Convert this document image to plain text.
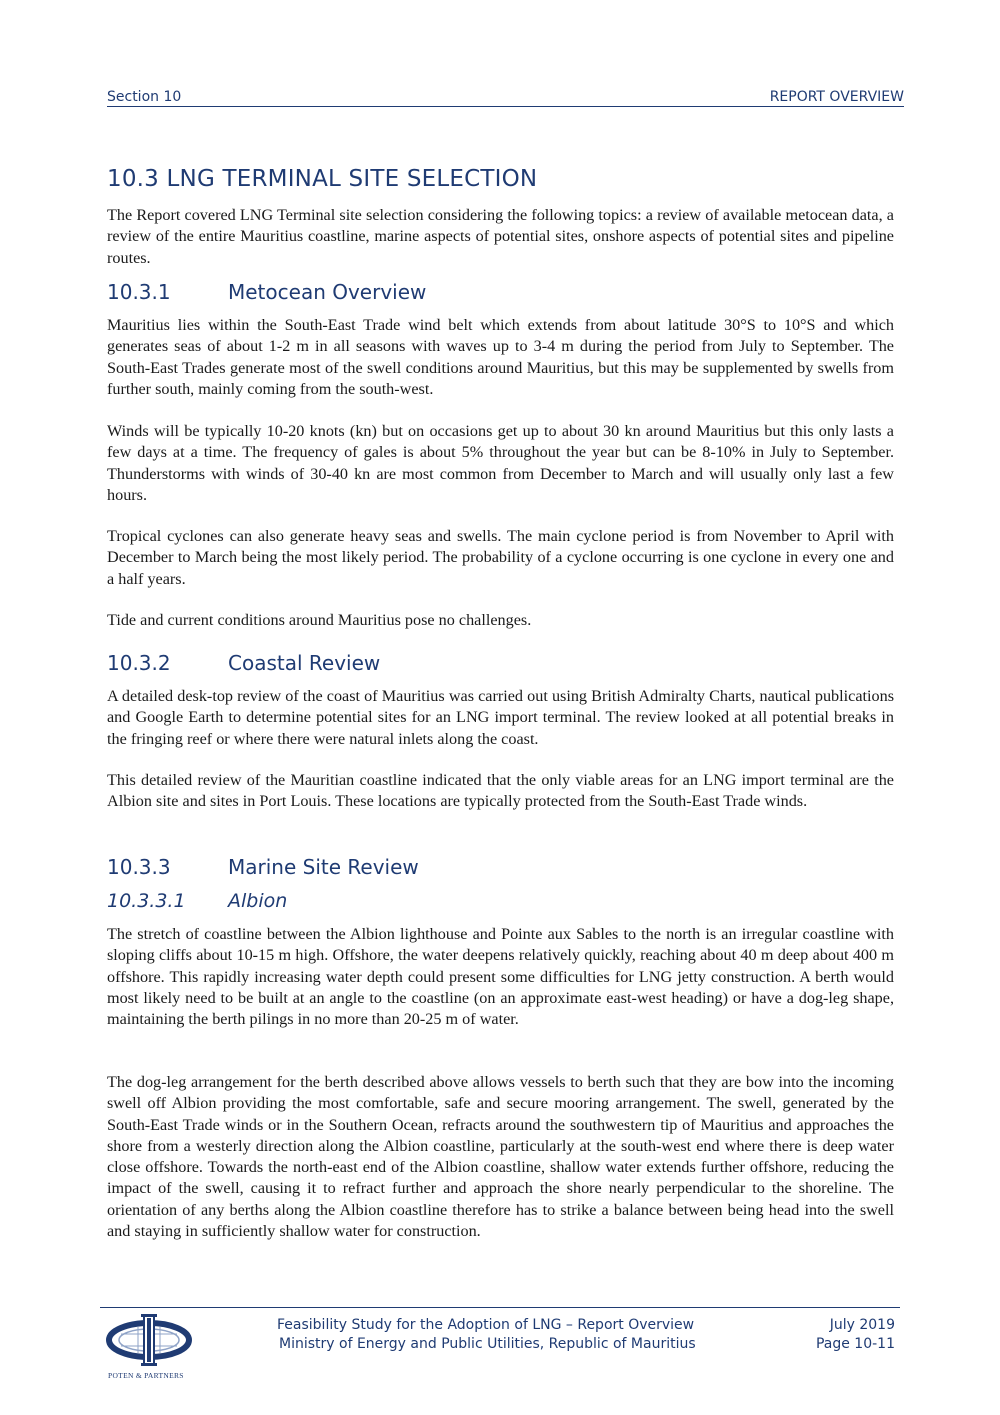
Section 10	REPORT OVERVIEW
10.3 LNG TERMINAL SITE SELECTION

The Report covered LNG Terminal site selection considering the following topics: a review of available metocean data, a review of the entire Mauritius coastline, marine aspects of potential sites, onshore aspects of potential sites and pipeline routes.

10.3.1	Metocean Overview

Mauritius lies within the South-East Trade wind belt which extends from about latitude 30°S to 10°S and which generates seas of about 1-2 m in all seasons with waves up to 3-4 m during the period from July to September. The South-East Trades generate most of the swell conditions around Mauritius, but this may be supplemented by swells from further south, mainly coming from the south-west.

Winds will be typically 10-20 knots (kn) but on occasions get up to about 30 kn around Mauritius but this only lasts a few days at a time. The frequency of gales is about 5% throughout the year but can be 8-10% in July to September. Thunderstorms with winds of 30-40 kn are most common from December to March and will usually only last a few hours.

Tropical cyclones can also generate heavy seas and swells. The main cyclone period is from November to April with December to March being the most likely period. The probability of a cyclone occurring is one cyclone in every one and a half years.

Tide and current conditions around Mauritius pose no challenges.

10.3.2	Coastal Review

A detailed desk-top review of the coast of Mauritius was carried out using British Admiralty Charts, nautical publications and Google Earth to determine potential sites for an LNG import terminal. The review looked at all potential breaks in the fringing reef or where there were natural inlets along the coast.

This detailed review of the Mauritian coastline indicated that the only viable areas for an LNG import terminal are the Albion site and sites in Port Louis. These locations are typically protected from the South-East Trade winds.

10.3.3	Marine Site Review
10.3.3.1 Albion

The stretch of coastline between the Albion lighthouse and Pointe aux Sables to the north is an irregular coastline with sloping cliffs about 10-15 m high. Offshore, the water deepens relatively quickly, reaching about 40 m deep about 400 m offshore. This rapidly increasing water depth could present some difficulties for LNG jetty construction. A berth would most likely need to be built at an angle to the coastline (on an approximate east-west heading) or have a dog-leg shape, maintaining the berth pilings in no more than 20-25 m of water.

The dog-leg arrangement for the berth described above allows vessels to berth such that they are bow into the incoming swell off Albion providing the most comfortable, safe and secure mooring arrangement. The swell, generated by the South-East Trade winds or in the Southern Ocean, refracts around the southwestern tip of Mauritius and approaches the shore from a westerly direction along the Albion coastline, particularly at the south-west end where there is deep water close offshore. Towards the north-east end of the Albion coastline, shallow water extends further offshore, reducing the impact of the swell, causing it to refract further and approach the shore nearly perpendicular to the shoreline. The orientation of any berths along the Albion coastline therefore has to strike a balance between being head into the swell and staying in sufficiently shallow water for construction.

POTEN & PARTNERS
Feasibility Study for the Adoption of LNG – Report Overview
Ministry of Energy and Public Utilities, Republic of Mauritius
July 2019
Page 10-11
